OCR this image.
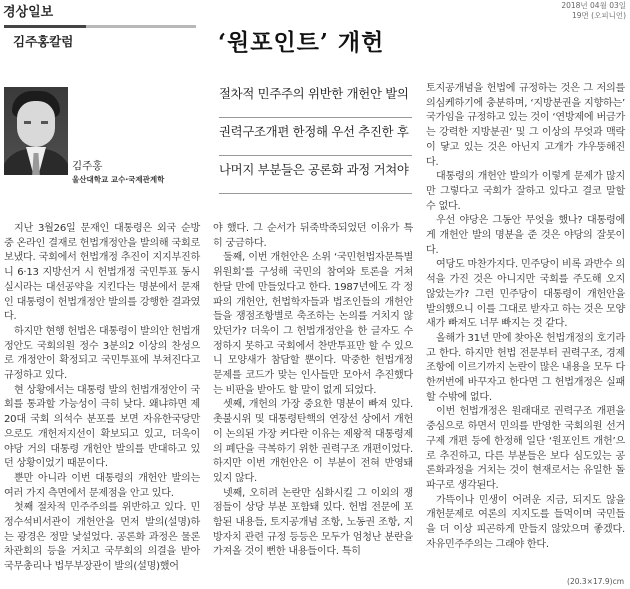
경상일보	2018년 04월 03일
19면 (오피니언)
김주홍칼럼	‘원포인트’ 개헌
김주홍
울산대학교 교수·국제관계학
절차적 민주주의 위반한 개헌안 발의
권력구조개편 한정해 우선 추진한 후
나머지 부분들은 공론화 과정 거쳐야

지난 3월26일 문재인 대통령은 외국 순방 중 온라인 결재로 헌법개정안을 발의해 국회로 보냈다. 국회에서 헌법개정 추진이 지지부진하니 6·13 지방선거 시 헌법개정 국민투표 동시실시라는 대선공약을 지킨다는 명분에서 문재인 대통령이 헌법개정안 발의를 강행한 결과였다.

하지만 현행 헌법은 대통령이 발의안 헌법개정안도 국회의원 정수 3분의2 이상의 찬성으로 개정안이 확정되고 국민투표에 부쳐진다고 규정하고 있다.

현 상황에서는 대통령 발의 헌법개정안이 국회를 통과할 가능성이 극히 낮다. 왜냐하면 제20대 국회 의석수 분포를 보면 자유한국당만으로도 개헌저지선이 확보되고 있고, 더욱이 야당 거의 대통령 개헌안 발의를 반대하고 있던 상황이었기 때문이다.

뿐만 아니라 이번 대통령의 개헌안 발의는 여러 가지 측면에서 문제점을 안고 있다.

첫째 절차적 민주주의를 위반하고 있다. 민정수석비서관이 개헌안을 먼저 발의(설명)하는 광경은 정말 낯설었다. 공론화 과정은 물론 차관회의 등을 거치고 국무회의 의결을 받아 국무총리나 법무부장관이 발의(설명)했어

야 했다. 그 순서가 뒤죽박죽되었던 이유가 특히 궁금하다.

둘째, 이번 개헌안은 소위 ‘국민헌법자문특별위원회’를 구성해 국민의 참여와 토론을 거쳐 한달 만에 만들었다고 한다. 1987년에도 각 정파의 개헌안, 헌법학자들과 법조인들의 개헌안들을 쟁점조항별로 축조하는 논의를 거치지 않았던가? 더욱이 그 헌법개정안을 한 글자도 수정하지 못하고 국회에서 찬반투표만 할 수 있으니 모양새가 참담할 뿐이다. 막중한 헌법개정 문제를 코드가 맞는 인사들만 모아서 추진했다는 비판을 받아도 할 말이 없게 되었다.

셋째, 개헌의 가장 중요한 명분이 빠져 있다. 촛불시위 및 대통령탄핵의 연장선 상에서 개헌이 논의된 가장 커다란 이유는 제왕적 대통령제의 폐단을 극복하기 위한 권력구조 개편이었다. 하지만 이번 개헌안은 이 부분이 전혀 반영돼 있지 않다.

넷째, 오히려 논란만 심화시킬 그 이외의 쟁점들이 상당 부분 포함돼 있다. 헌법 전문에 포함된 내용들, 토지공개념 조항, 노동권 조항, 지방자치 관련 규정 등등은 모두가 엄청난 분란을 가져올 것이 뻔한 내용들이다. 특히

토지공개념을 헌법에 규정하는 것은 그 저의를 의심케하기에 충분하며, ‘지방분권을 지향하는’ 국가임을 규정하고 있는 것이 ‘연방제에 버금가는 강력한 지방분권’ 및 그 이상의 무엇과 맥락이 닿고 있는 것은 아닌지 고개가 갸우뚱해진다.

대통령의 개헌안 발의가 이렇게 문제가 많지만 그렇다고 국회가 잘하고 있다고 결코 말할 수 없다.

우선 야당은 그동안 무엇을 했나? 대통령에게 개헌안 발의 명분을 준 것은 야당의 잘못이다.

여당도 마찬가지다. 민주당이 비록 과반수 의석을 가진 것은 아니지만 국회를 주도해 오지 않았는가? 그런 민주당이 대통령이 개헌안을 발의했으니 이를 그대로 받자고 하는 것은 모양새가 빠져도 너무 빠지는 것 같다.

올해가 31년 만에 찾아온 헌법개정의 호기라고 한다. 하지만 헌법 전문부터 권력구조, 경제조항에 이르기까지 논란이 많은 내용을 모두 다 한꺼번에 바꾸자고 한다면 그 헌법개정은 실패할 수밖에 없다.

이번 헌법개정은 원래대로 권력구조 개편을 중심으로 하면서 민의를 반영한 국회의원 선거구제 개편 등에 한정해 일단 ‘원포인트 개헌’으로 추진하고, 다른 부분들은 보다 심도있는 공론화과정을 거치는 것이 현재로서는 유일한 돌파구로 생각된다.

가뜩이나 민생이 어려운 지금, 되지도 않을 개헌문제로 여론의 지지도를 들먹이며 국민들을 더 이상 피곤하게 만들지 않았으며 좋겠다. 자유민주주의는 그래야 한다.

(20.3×17.9)cm
